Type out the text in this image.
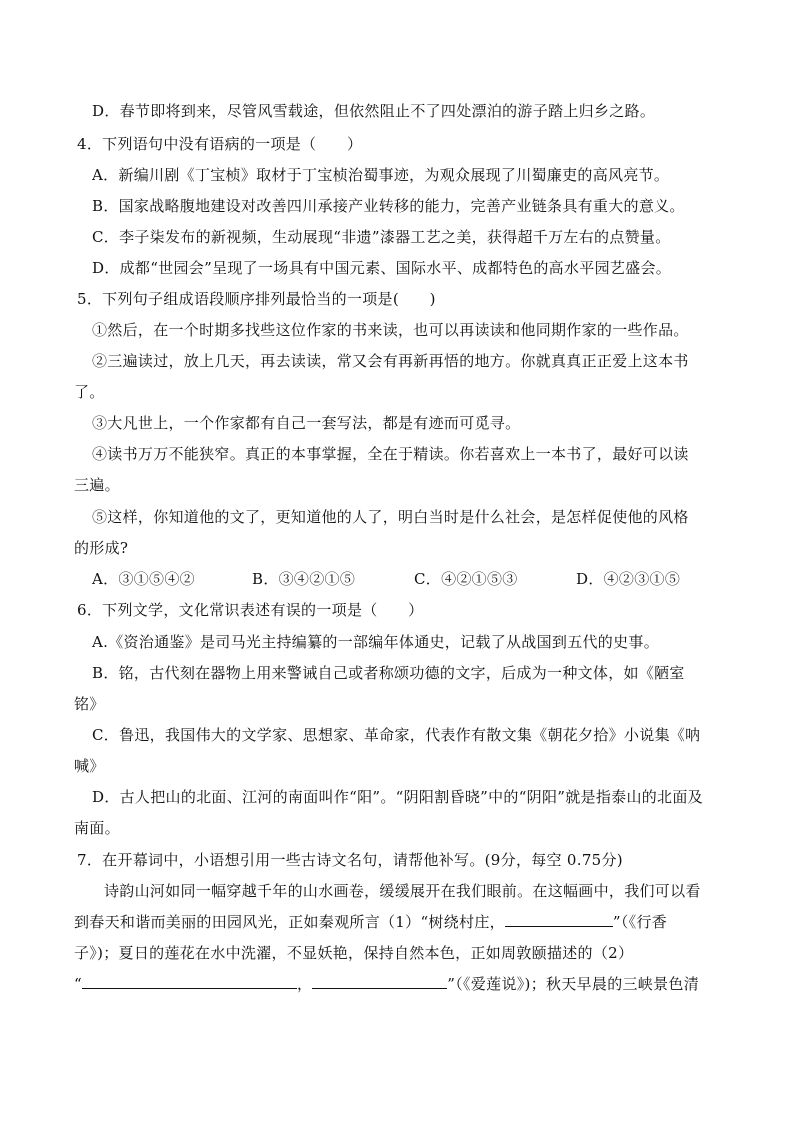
D．春节即将到来，尽管风雪载途，但依然阻止不了四处漂泊的游子踏上归乡之路。
4．下列语句中没有语病的一项是（　　）
A．新编川剧《丁宝桢》取材于丁宝桢治蜀事迹，为观众展现了川蜀廉吏的高风亮节。
B．国家战略腹地建设对改善四川承接产业转移的能力，完善产业链条具有重大的意义。
C．李子柒发布的新视频，生动展现“非遗”漆器工艺之美，获得超千万左右的点赞量。
D．成都“世园会”呈现了一场具有中国元素、国际水平、成都特色的高水平园艺盛会。
5．下列句子组成语段顺序排列最恰当的一项是(　　)
①然后，在一个时期多找些这位作家的书来读，也可以再读读和他同期作家的一些作品。
②三遍读过，放上几天，再去读读，常又会有再新再悟的地方。你就真真正正爱上这本书
了。
③大凡世上，一个作家都有自己一套写法，都是有迹而可觅寻。
④读书万万不能狭窄。真正的本事掌握，全在于精读。你若喜欢上一本书了，最好可以读
三遍。
⑤这样，你知道他的文了，更知道他的人了，明白当时是什么社会，是怎样促使他的风格
的形成?
A．③①⑤④②	B．③④②①⑤	C．④②①⑤③	D．④②③①⑤
6．下列文学，文化常识表述有误的一项是（　　）
A.《资治通鉴》是司马光主持编纂的一部编年体通史，记载了从战国到五代的史事。
B．铭，古代刻在器物上用来警诫自己或者称颂功德的文字，后成为一种文体，如《陋室
铭》
C．鲁迅，我国伟大的文学家、思想家、革命家，代表作有散文集《朝花夕拾》小说集《呐
喊》
D．古人把山的北面、江河的南面叫作“阳”。“阴阳割昏晓”中的“阴阳”就是指泰山的北面及
南面。
7．在开幕词中，小语想引用一些古诗文名句，请帮他补写。(9分，每空 0.75分)
诗韵山河如同一幅穿越千年的山水画卷，缓缓展开在我们眼前。在这幅画中，我们可以看
到春天和谐而美丽的田园风光，正如秦观所言（1）“树绕村庄，	”（《行香
子》)；夏日的莲花在水中洗濯，不显妖艳，保持自然本色，正如周敦颐描述的（2）
“	，	”（《爱莲说》)；秋天早晨的三峡景色清
